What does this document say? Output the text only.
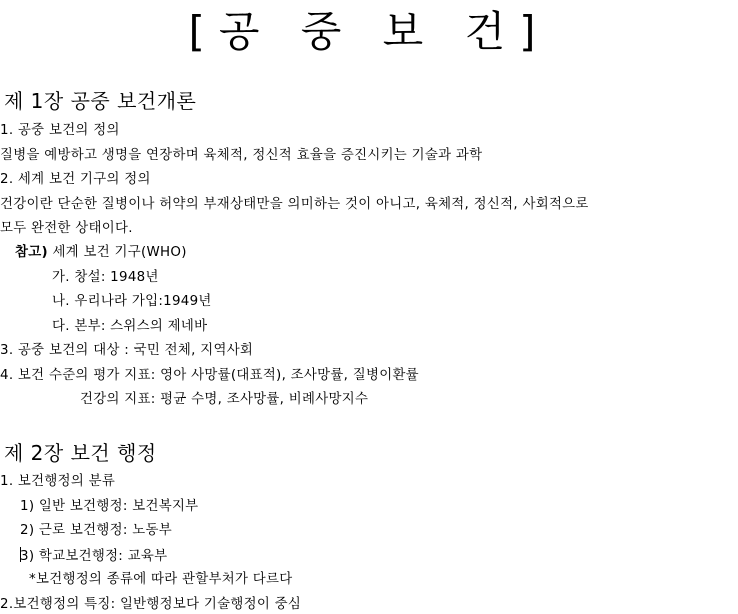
[공 중 보 건]
제 1장 공중 보건개론
1. 공중 보건의 정의
질병을 예방하고 생명을 연장하며 육체적, 정신적 효율을 증진시키는 기술과 과학
2. 세계 보건 기구의 정의
건강이란 단순한 질병이나 허약의 부재상태만을 의미하는 것이 아니고, 육체적, 정신적, 사회적으로
모두 완전한 상태이다.
참고) 세계 보건 기구(WHO)
가. 창설: 1948년
나. 우리나라 가입:1949년
다. 본부: 스위스의 제네바
3. 공중 보건의 대상 : 국민 전체, 지역사회
4. 보건 수준의 평가 지표: 영아 사망률(대표적), 조사망률, 질병이환률
건강의 지표: 평균 수명, 조사망률, 비례사망지수
제 2장 보건 행정
1. 보건행정의 분류
1) 일반 보건행정: 보건복지부
2) 근로 보건행정: 노동부
3) 학교보건행정: 교육부
*보건행정의 종류에 따라 관할부처가 다르다
2.보건행정의 특징: 일반행정보다 기술행정이 중심
